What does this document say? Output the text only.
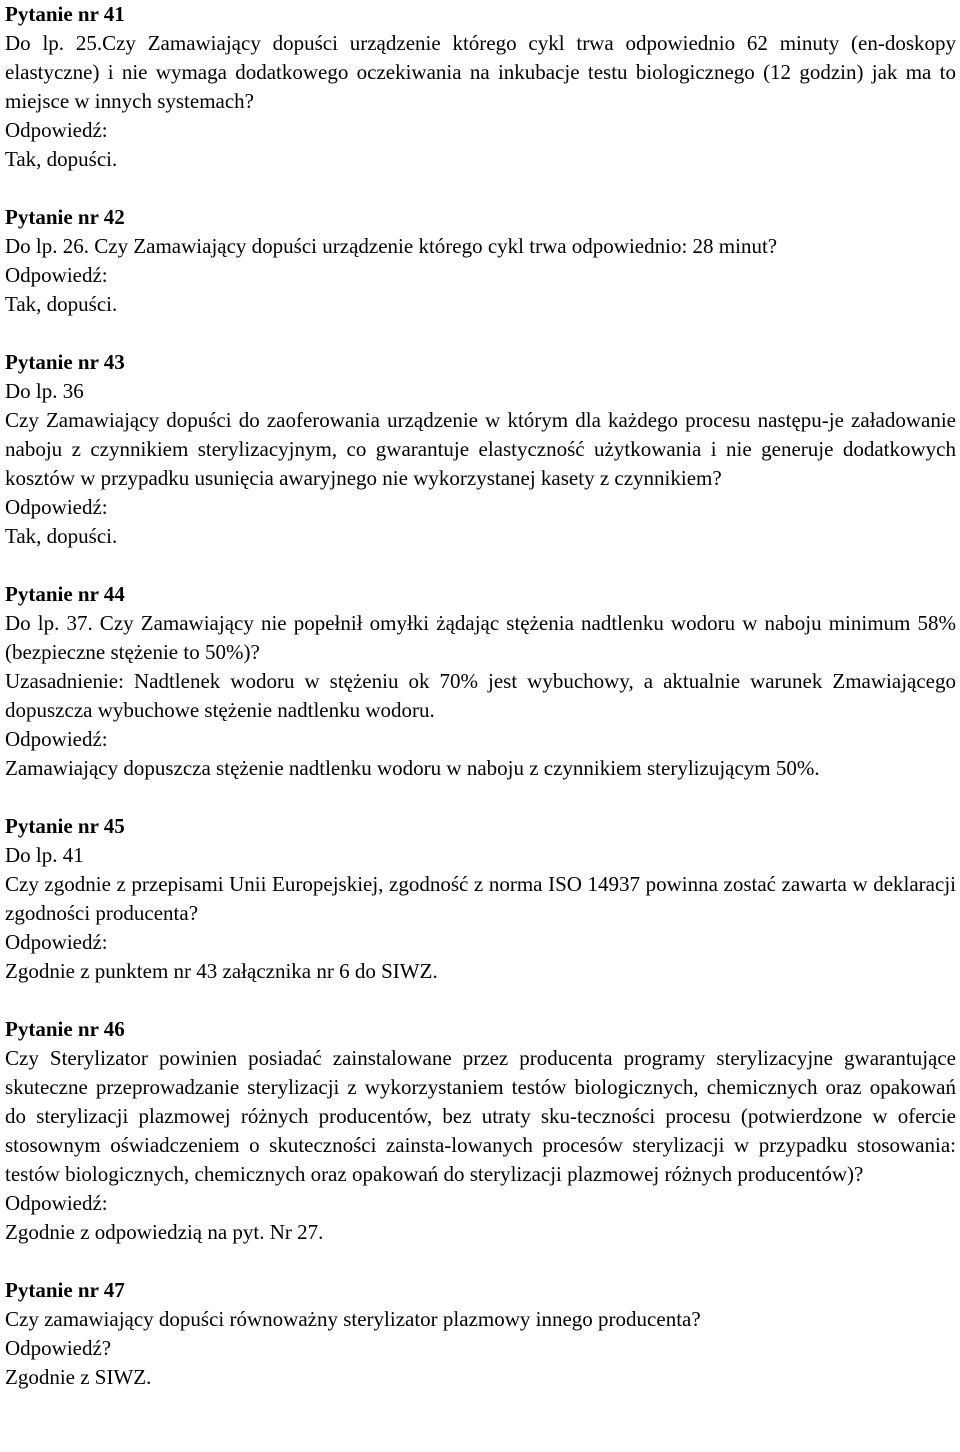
Pytanie nr 41
Do lp. 25.Czy Zamawiający dopuści urządzenie którego cykl trwa odpowiednio 62 minuty (en-doskopy elastyczne) i nie wymaga dodatkowego oczekiwania na inkubacje testu biologicznego (12 godzin) jak ma to miejsce w innych systemach?
Odpowiedź:
Tak, dopuści.
Pytanie nr 42
Do lp. 26. Czy Zamawiający dopuści urządzenie którego cykl trwa odpowiednio: 28 minut?
Odpowiedź:
Tak, dopuści.
Pytanie nr 43
Do lp. 36
Czy Zamawiający dopuści do zaoferowania urządzenie w którym dla każdego procesu następu-je załadowanie naboju z czynnikiem sterylizacyjnym, co gwarantuje elastyczność użytkowania i nie generuje dodatkowych kosztów w przypadku usunięcia awaryjnego nie wykorzystanej kasety z czynnikiem?
Odpowiedź:
Tak, dopuści.
Pytanie nr 44
Do lp. 37. Czy Zamawiający nie popełnił omyłki żądając stężenia nadtlenku wodoru w naboju minimum 58% (bezpieczne stężenie to 50%)?
Uzasadnienie: Nadtlenek wodoru w stężeniu ok 70% jest wybuchowy, a aktualnie warunek Zmawiającego dopuszcza wybuchowe stężenie nadtlenku wodoru.
Odpowiedź:
Zamawiający dopuszcza stężenie nadtlenku wodoru w naboju z czynnikiem sterylizującym 50%.
Pytanie nr 45
Do lp. 41
Czy zgodnie z przepisami Unii Europejskiej, zgodność z norma ISO 14937 powinna zostać zawarta w deklaracji zgodności producenta?
Odpowiedź:
Zgodnie z punktem nr 43 załącznika nr 6 do SIWZ.
Pytanie nr 46
Czy Sterylizator powinien posiadać zainstalowane przez producenta programy sterylizacyjne gwarantujące skuteczne przeprowadzanie sterylizacji z wykorzystaniem testów biologicznych, chemicznych oraz opakowań do sterylizacji plazmowej różnych producentów, bez utraty sku-teczności procesu (potwierdzone w ofercie stosownym oświadczeniem o skuteczności zainsta-lowanych procesów sterylizacji w przypadku stosowania: testów biologicznych, chemicznych oraz opakowań do sterylizacji plazmowej różnych producentów)?
Odpowiedź:
Zgodnie z odpowiedzią na pyt. Nr 27.
Pytanie nr 47
Czy zamawiający dopuści równoważny sterylizator plazmowy innego producenta?
Odpowiedź?
Zgodnie z SIWZ.
